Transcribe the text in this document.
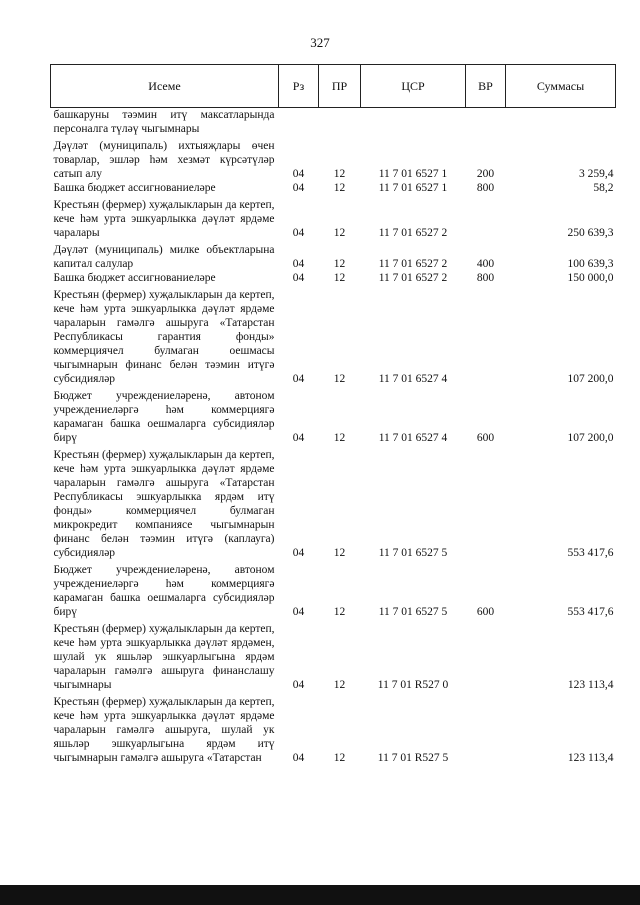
327
Исеме	Рз	ПР	ЦСР	ВР	Суммасы
башкаруны тәэмин итү максатларында персоналга түләү чыгымнары					
Дәүләт (муниципаль) ихтыяҗлары өчен товарлар, эшләр һәм хезмәт күрсәтүләр сатып алу	04	12	11 7 01 6527 1	200	3 259,4
Башка бюджет ассигнованиеләре	04	12	11 7 01 6527 1	800	58,2
Крестьян (фермер) хуҗалыкларын да кертеп, кече һәм урта эшкуарлыкка дәүләт ярдәме чаралары	04	12	11 7 01 6527 2		250 639,3
Дәүләт (муниципаль) милке объектларына капитал салулар	04	12	11 7 01 6527 2	400	100 639,3
Башка бюджет ассигнованиеләре	04	12	11 7 01 6527 2	800	150 000,0
Крестьян (фермер) хуҗалыкларын да кертеп, кече һәм урта эшкуарлыкка дәүләт ярдәме чараларын гамәлгә ашыруга «Татарстан Республикасы гарантия фонды» коммерциячел булмаган оешмасы чыгымнарын финанс белән тәэмин итүгә субсидияләр	04	12	11 7 01 6527 4		107 200,0
Бюджет учреждениеләренә, автоном учреждениеләргә һәм коммерциягә карамаган башка оешмаларга субсидияләр бирү	04	12	11 7 01 6527 4	600	107 200,0
Крестьян (фермер) хуҗалыкларын да кертеп, кече һәм урта эшкуарлыкка дәүләт ярдәме чараларын гамәлгә ашыруга «Татарстан Республикасы эшкуарлыкка ярдәм итү фонды» коммерциячел булмаган микрокредит компаниясе чыгымнарын финанс белән тәэмин итүгә (каплауга) субсидияләр	04	12	11 7 01 6527 5		553 417,6
Бюджет учреждениеләренә, автоном учреждениеләргә һәм коммерциягә карамаган башка оешмаларга субсидияләр бирү	04	12	11 7 01 6527 5	600	553 417,6
Крестьян (фермер) хуҗалыкларын да кертеп, кече һәм урта эшкуарлыкка дәүләт ярдәмен, шулай ук яшьләр эшкуарлыгына ярдәм чараларын гамәлгә ашыруга финанслашу чыгымнары	04	12	11 7 01 R527 0		123 113,4
Крестьян (фермер) хуҗалыкларын да кертеп, кече һәм урта эшкуарлыкка дәүләт ярдәме чараларын гамәлгә ашыруга, шулай ук яшьләр эшкуарлыгына ярдәм итү чыгымнарын гамәлгә ашыруга «Татарстан	04	12	11 7 01 R527 5		123 113,4
